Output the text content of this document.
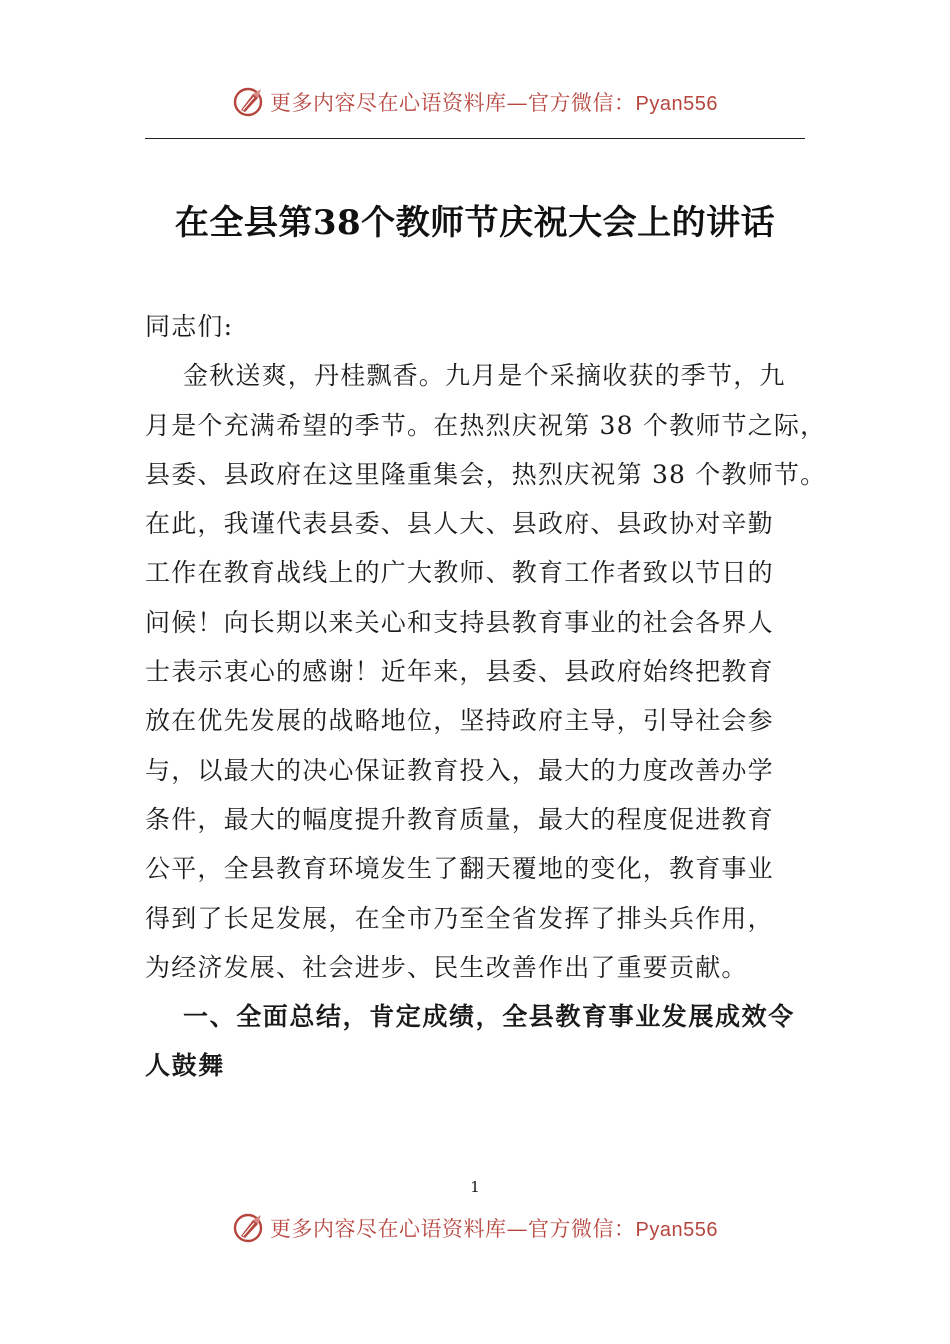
更多内容尽在心语资料库—官方微信：Pyan556
在全县第38个教师节庆祝大会上的讲话
同志们:
金秋送爽，丹桂飘香。九月是个采摘收获的季节，九
月是个充满希望的季节。在热烈庆祝第 38 个教师节之际，
县委、县政府在这里隆重集会，热烈庆祝第 38 个教师节。
在此，我谨代表县委、县人大、县政府、县政协对辛勤
工作在教育战线上的广大教师、教育工作者致以节日的
问候！向长期以来关心和支持县教育事业的社会各界人
士表示衷心的感谢！近年来，县委、县政府始终把教育
放在优先发展的战略地位，坚持政府主导，引导社会参
与，以最大的决心保证教育投入，最大的力度改善办学
条件，最大的幅度提升教育质量，最大的程度促进教育
公平，全县教育环境发生了翻天覆地的变化，教育事业
得到了长足发展，在全市乃至全省发挥了排头兵作用，
为经济发展、社会进步、民生改善作出了重要贡献。
一、全面总结，肯定成绩，全县教育事业发展成效令
人鼓舞
1
更多内容尽在心语资料库—官方微信：Pyan556
